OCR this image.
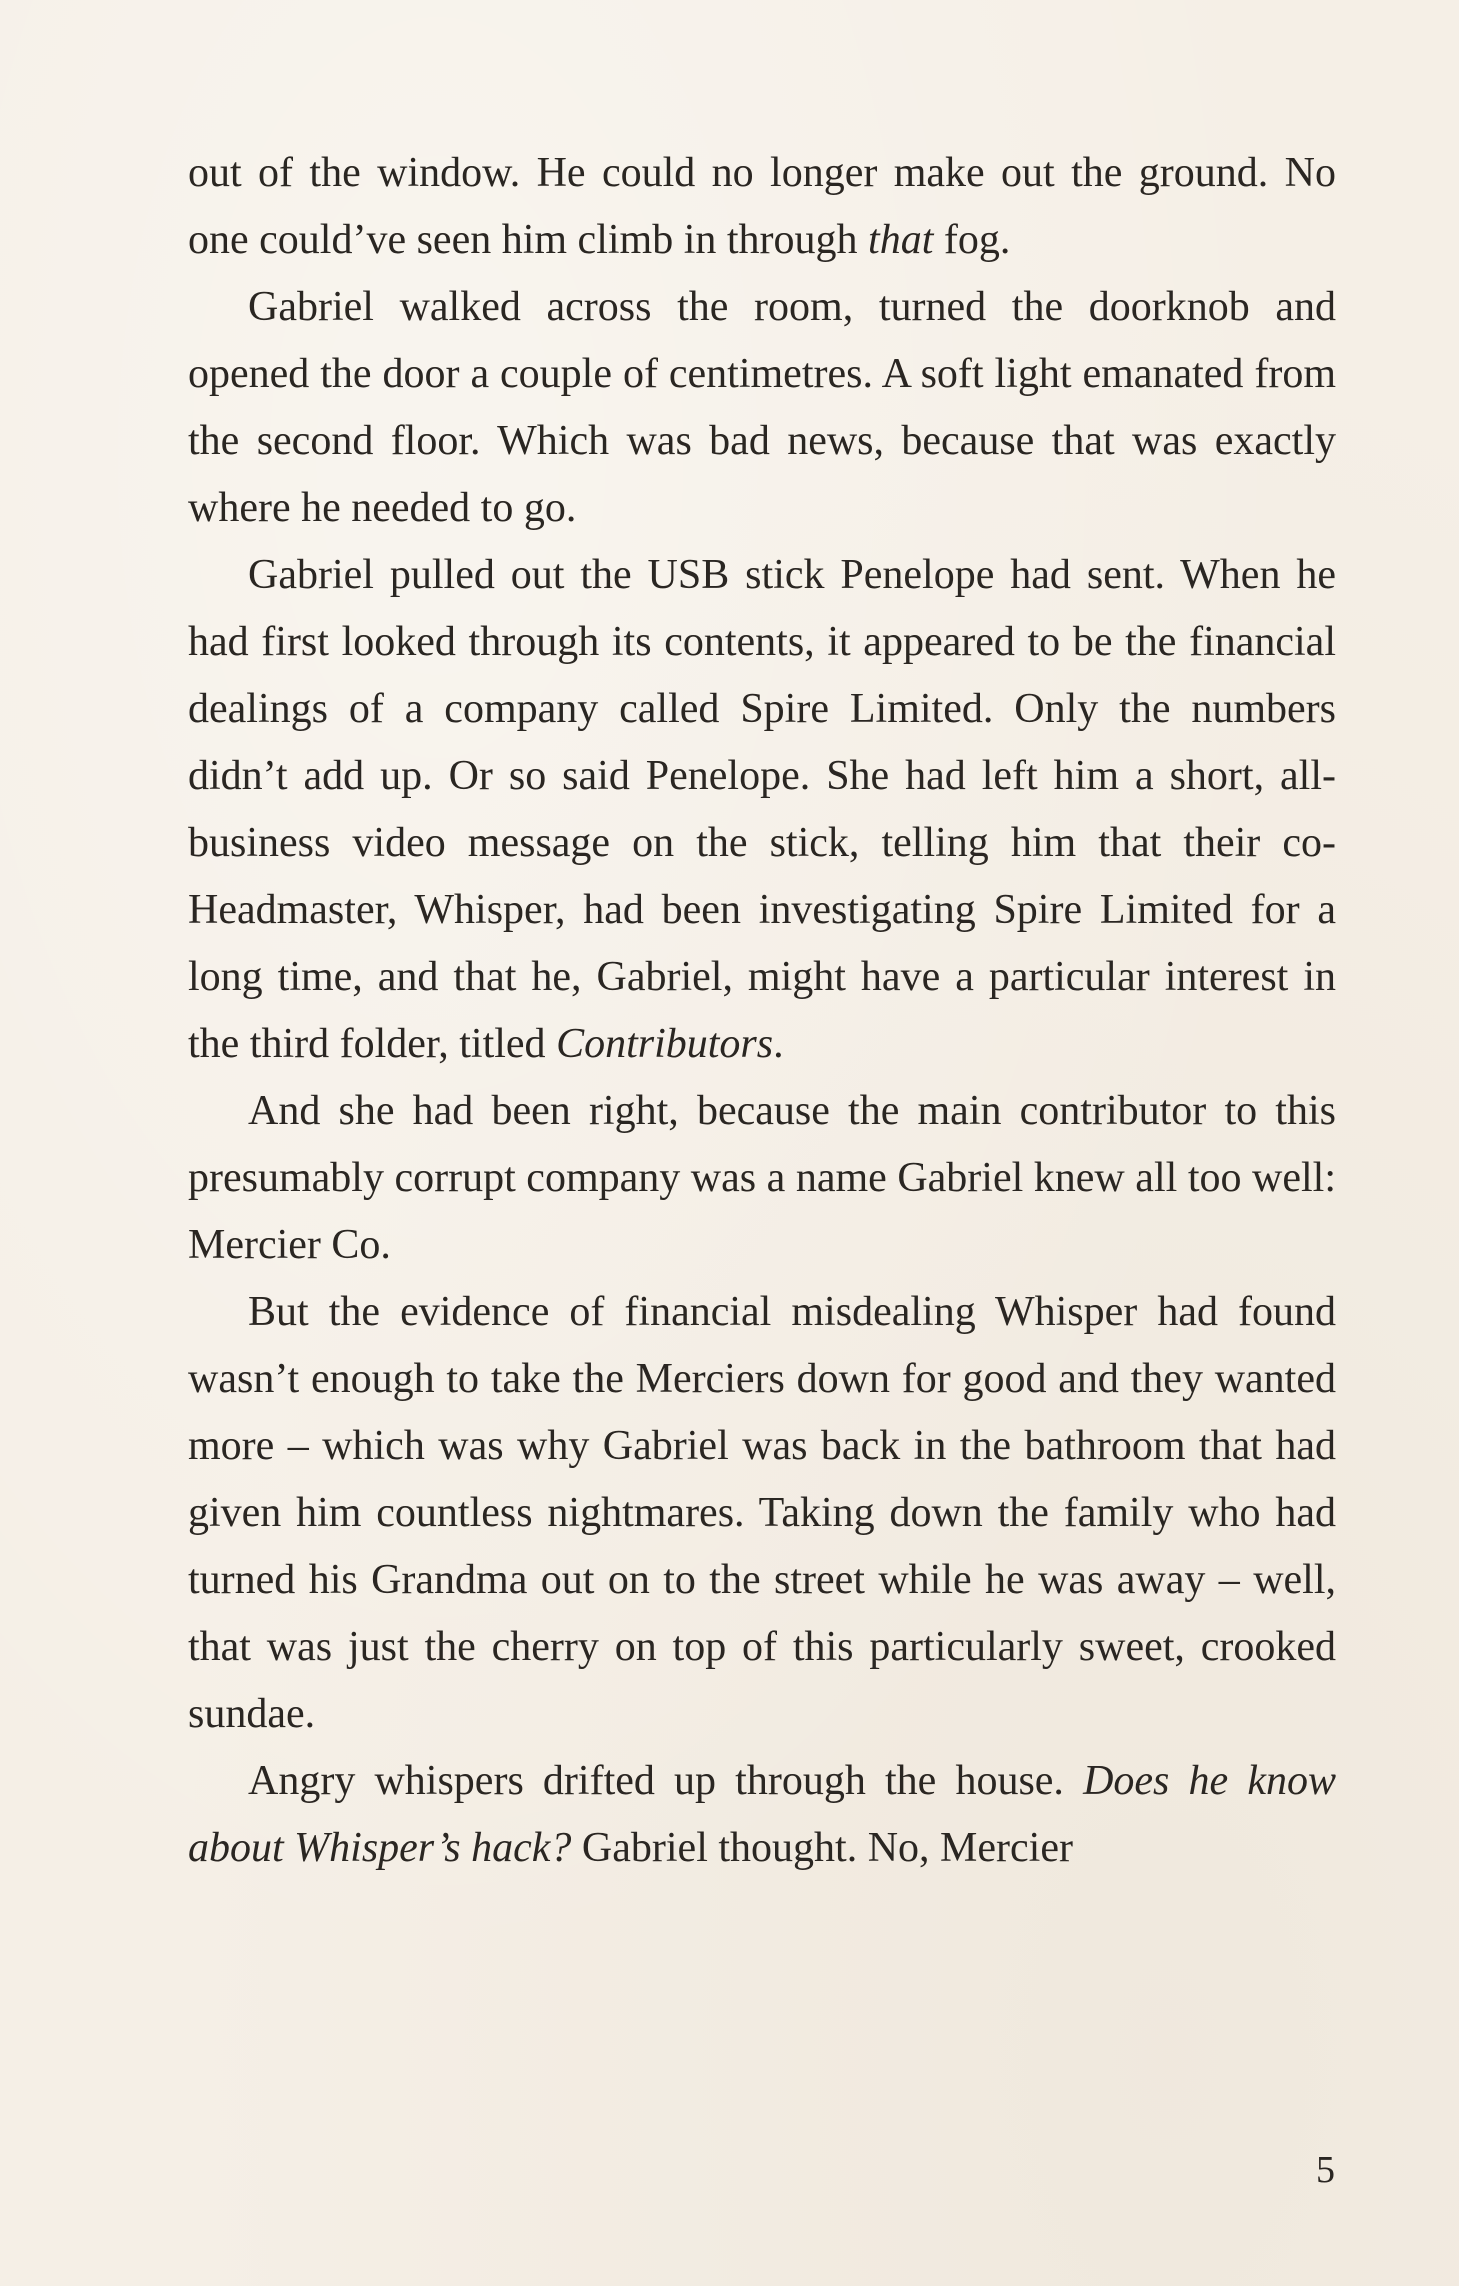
out of the window. He could no longer make out the ground. No one could’ve seen him climb in through that fog.

Gabriel walked across the room, turned the doorknob and opened the door a couple of centimetres. A soft light emanated from the second floor. Which was bad news, because that was exactly where he needed to go.

Gabriel pulled out the USB stick Penelope had sent. When he had first looked through its contents, it appeared to be the financial dealings of a company called Spire Limited. Only the numbers didn’t add up. Or so said Penelope. She had left him a short, all-business video message on the stick, telling him that their co-Headmaster, Whisper, had been investigating Spire Limited for a long time, and that he, Gabriel, might have a particular interest in the third folder, titled Contributors.

And she had been right, because the main contributor to this presumably corrupt company was a name Gabriel knew all too well: Mercier Co.

But the evidence of financial misdealing Whisper had found wasn’t enough to take the Merciers down for good and they wanted more – which was why Gabriel was back in the bathroom that had given him countless nightmares. Taking down the family who had turned his Grandma out on to the street while he was away – well, that was just the cherry on top of this particularly sweet, crooked sundae.

Angry whispers drifted up through the house. Does he know about Whisper’s hack? Gabriel thought. No, Mercier

5
